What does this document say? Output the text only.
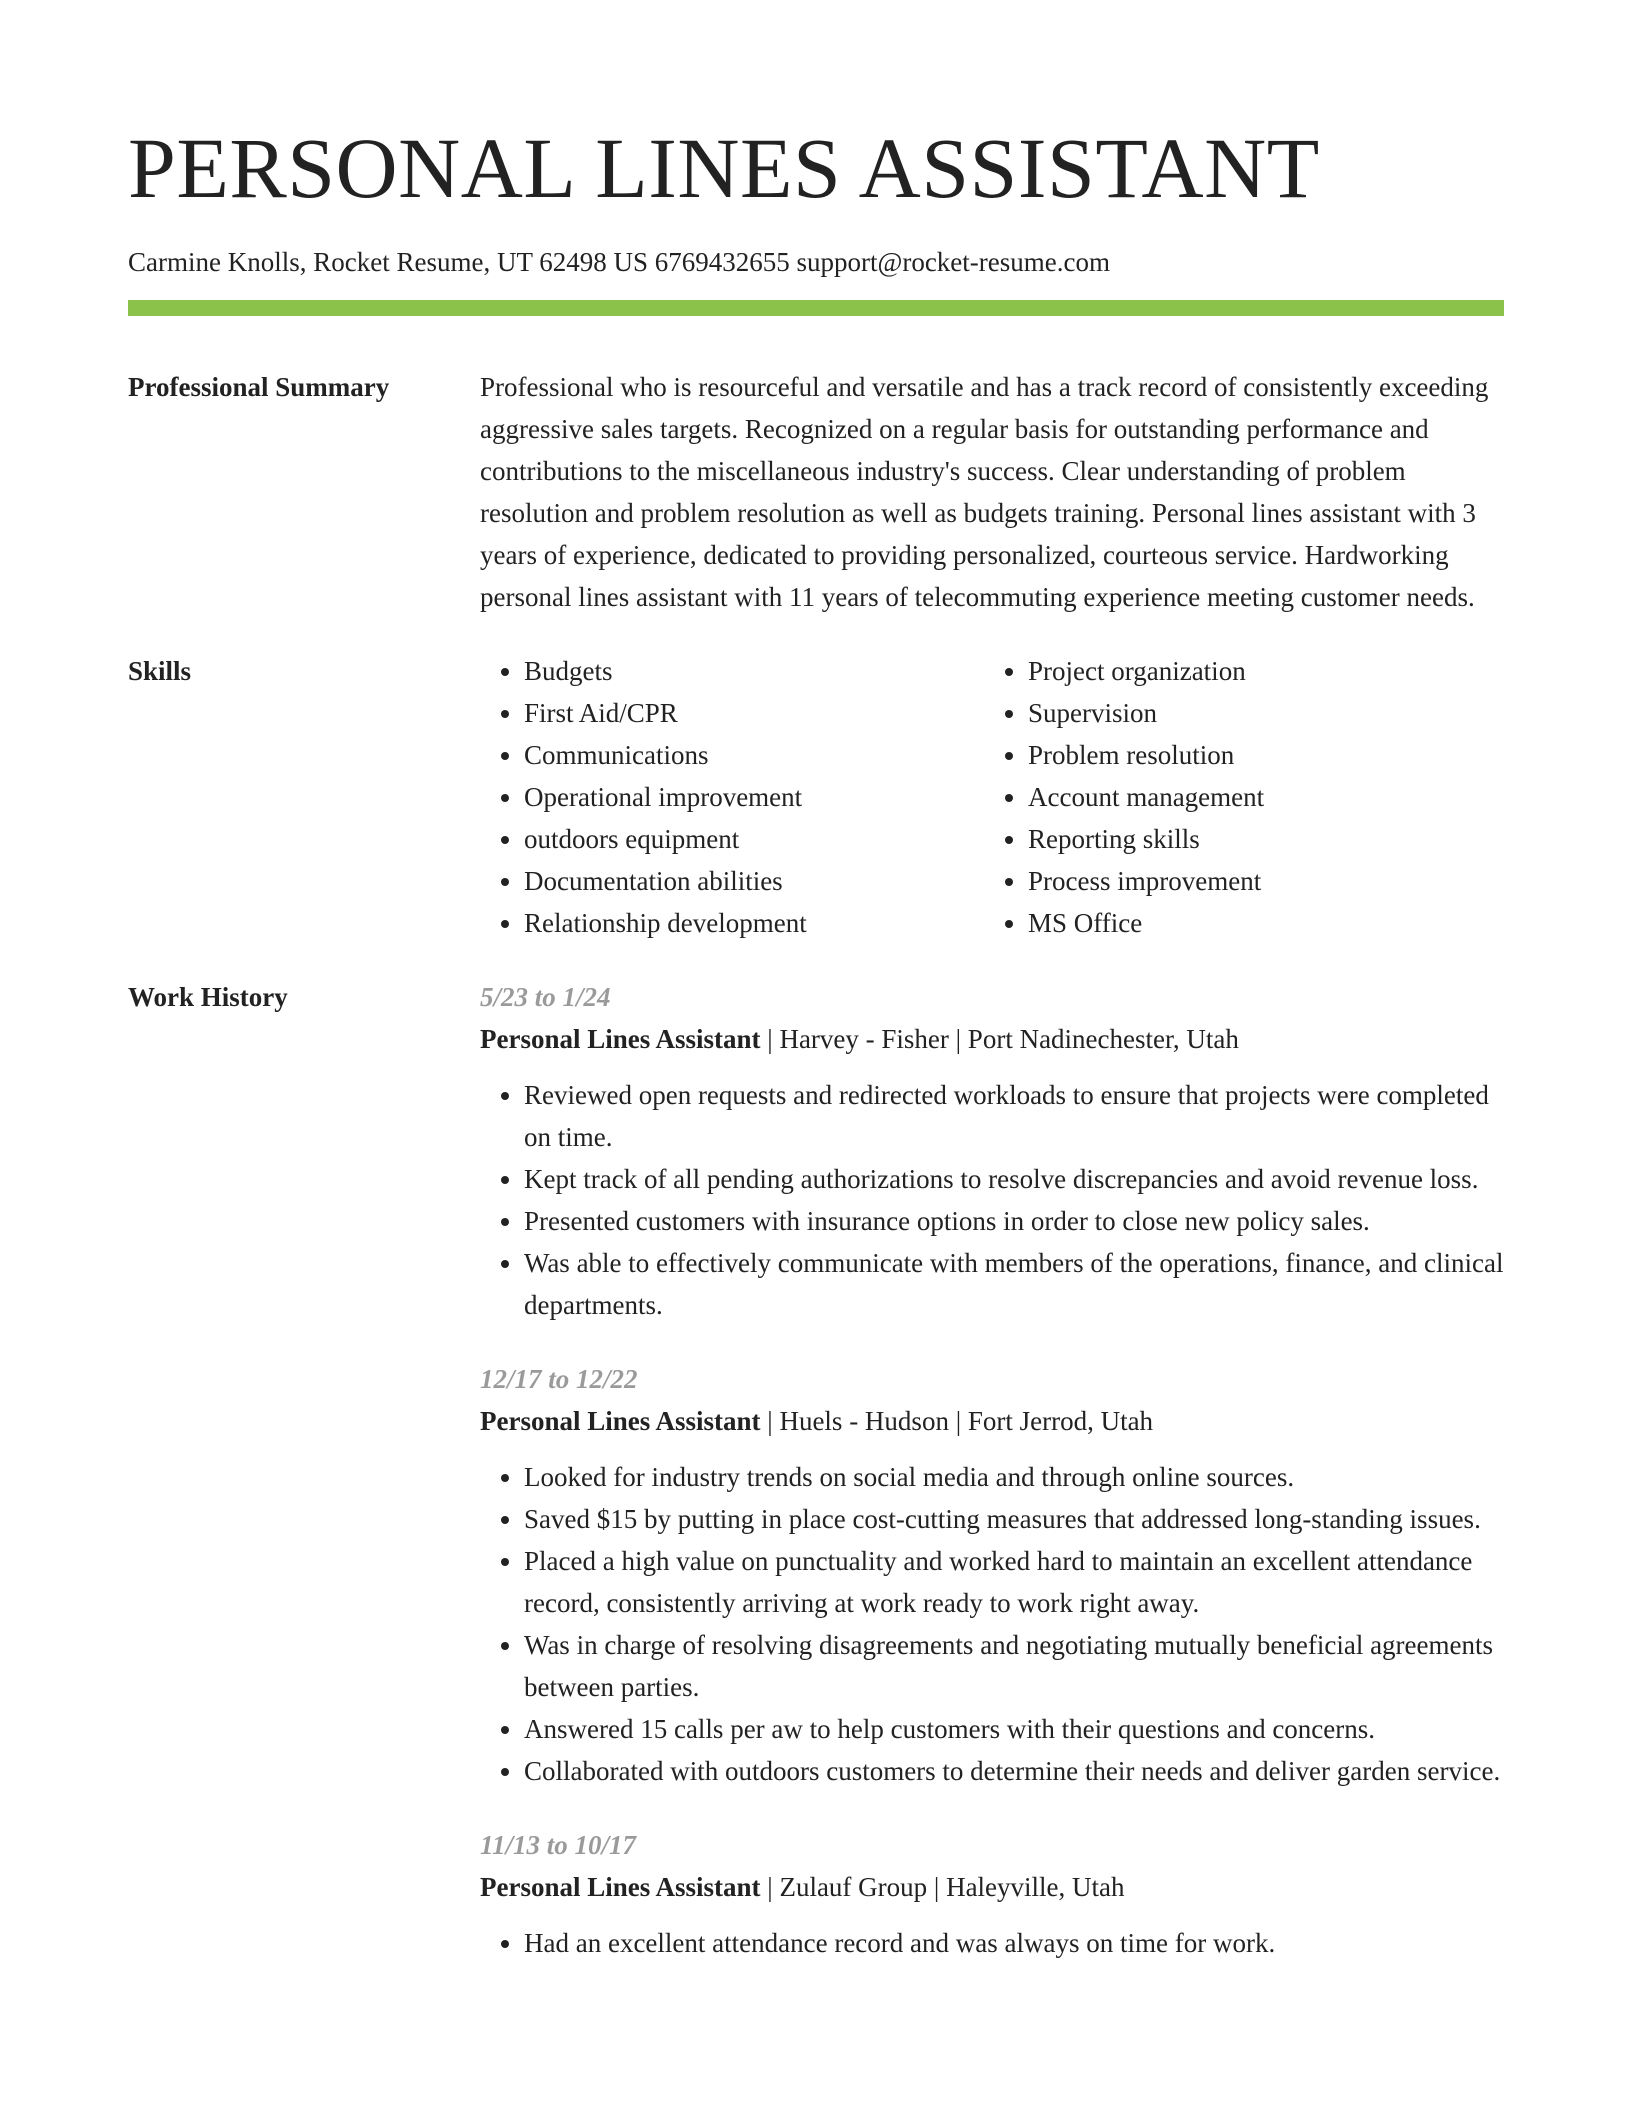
PERSONAL LINES ASSISTANT
Carmine Knolls, Rocket Resume, UT 62498 US 6769432655 support@rocket-resume.com
Professional Summary	Professional who is resourceful and versatile and has a track record of consistently exceeding aggressive sales targets. Recognized on a regular basis for outstanding performance and contributions to the miscellaneous industry's success. Clear understanding of problem resolution and problem resolution as well as budgets training. Personal lines assistant with 3 years of experience, dedicated to providing personalized, courteous service. Hardworking personal lines assistant with 11 years of telecommuting experience meeting customer needs.

Skills
•	Budgets
• First Aid/CPR
• Communications
• Operational improvement
• outdoors equipment
• Documentation abilities
• Relationship development
• Project organization
• Supervision
• Problem resolution
• Account management
• Reporting skills
• Process improvement
• MS Office
Work History	5/23 to 1/24
Personal Lines Assistant | Harvey - Fisher | Port Nadinechester, Utah
• Reviewed open requests and redirected workloads to ensure that projects were completed on time.
• Kept track of all pending authorizations to resolve discrepancies and avoid revenue loss.
• Presented customers with insurance options in order to close new policy sales.
• Was able to effectively communicate with members of the operations, finance, and clinical departments.
12/17 to 12/22
Personal Lines Assistant | Huels - Hudson | Fort Jerrod, Utah
• Looked for industry trends on social media and through online sources.
• Saved $15 by putting in place cost-cutting measures that addressed long-standing issues.
• Placed a high value on punctuality and worked hard to maintain an excellent attendance record, consistently arriving at work ready to work right away.
• Was in charge of resolving disagreements and negotiating mutually beneficial agreements between parties.
• Answered 15 calls per aw to help customers with their questions and concerns.
• Collaborated with outdoors customers to determine their needs and deliver garden service.
11/13 to 10/17
Personal Lines Assistant | Zulauf Group | Haleyville, Utah
• Had an excellent attendance record and was always on time for work.
